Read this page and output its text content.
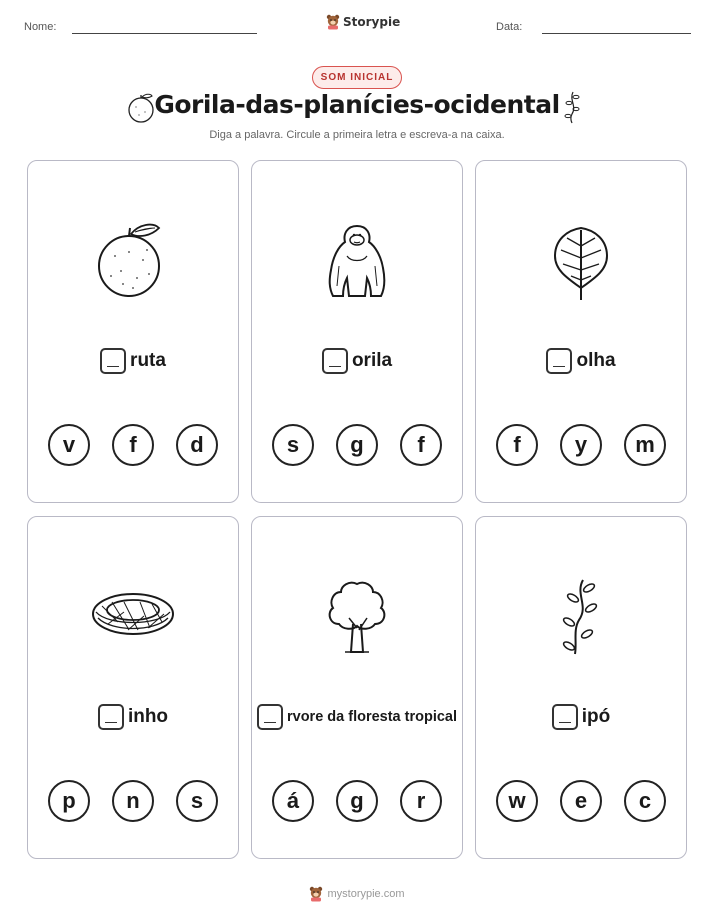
Nome:	Storypie	Data:
SOM INICIAL
Gorila-das-planícies-ocidental
Diga a palavra. Circule a primeira letra e escreva-a na caixa.
ruta
v	f	d
orila
s	g	f
olha
f	y	m
inho
p	n	s
rvore da floresta tropical
á	g	r
ipó
w	e	c
mystorypie.com
